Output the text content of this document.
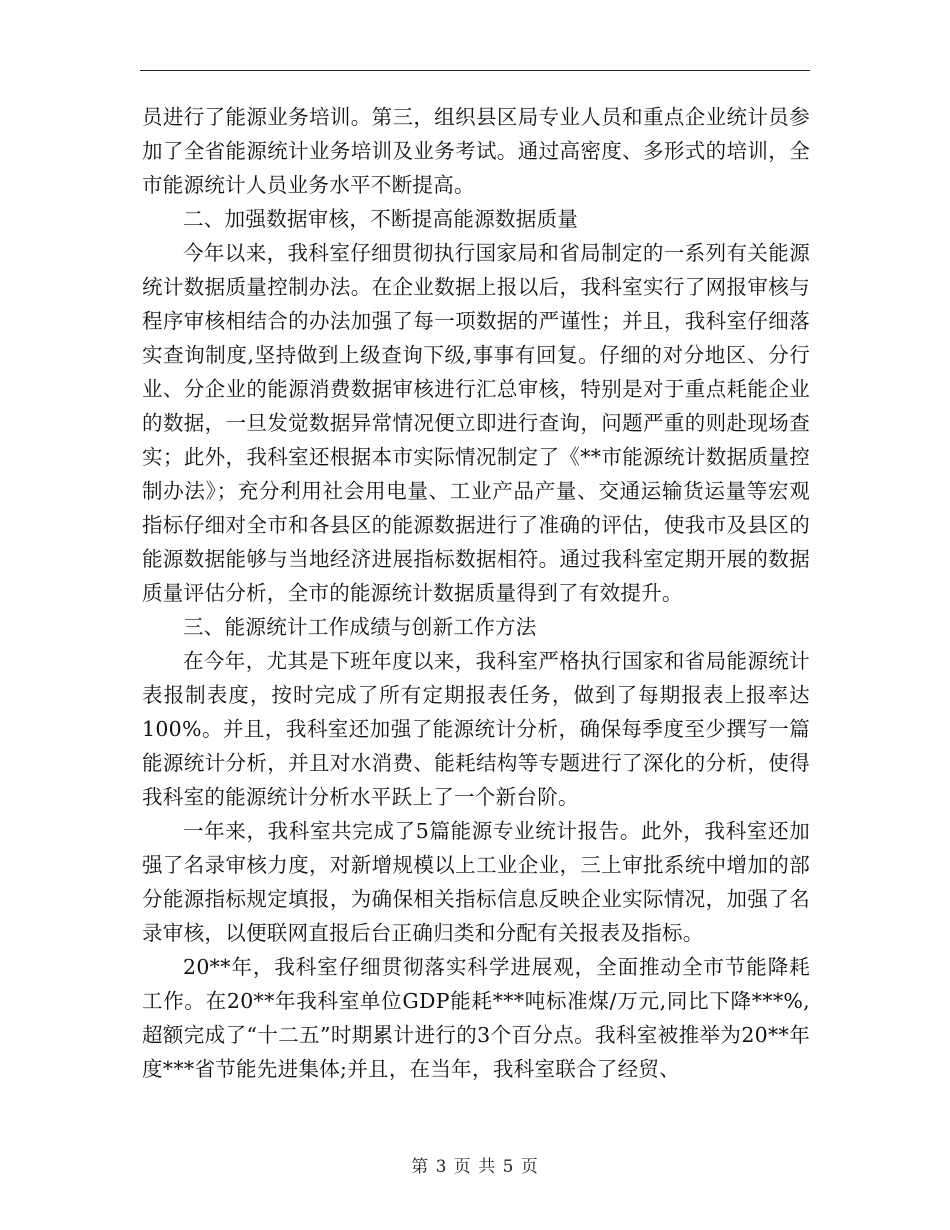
员进行了能源业务培训。第三，组织县区局专业人员和重点企业统计员参加了全省能源统计业务培训及业务考试。通过高密度、多形式的培训，全市能源统计人员业务水平不断提高。

二、加强数据审核，不断提高能源数据质量

今年以来，我科室仔细贯彻执行国家局和省局制定的一系列有关能源统计数据质量控制办法。在企业数据上报以后，我科室实行了网报审核与程序审核相结合的办法加强了每一项数据的严谨性；并且，我科室仔细落实查询制度,坚持做到上级查询下级,事事有回复。仔细的对分地区、分行业、分企业的能源消费数据审核进行汇总审核，特别是对于重点耗能企业的数据，一旦发觉数据异常情况便立即进行查询，问题严重的则赴现场查实；此外，我科室还根据本市实际情况制定了《**市能源统计数据质量控制办法》；充分利用社会用电量、工业产品产量、交通运输货运量等宏观指标仔细对全市和各县区的能源数据进行了准确的评估，使我市及县区的能源数据能够与当地经济进展指标数据相符。通过我科室定期开展的数据质量评估分析，全市的能源统计数据质量得到了有效提升。

三、能源统计工作成绩与创新工作方法

在今年，尤其是下班年度以来，我科室严格执行国家和省局能源统计表报制表度，按时完成了所有定期报表任务，做到了每期报表上报率达100%。并且，我科室还加强了能源统计分析，确保每季度至少撰写一篇能源统计分析，并且对水消费、能耗结构等专题进行了深化的分析，使得我科室的能源统计分析水平跃上了一个新台阶。

一年来，我科室共完成了5篇能源专业统计报告。此外，我科室还加强了名录审核力度，对新增规模以上工业企业，三上审批系统中增加的部分能源指标规定填报，为确保相关指标信息反映企业实际情况，加强了名录审核，以便联网直报后台正确归类和分配有关报表及指标。

20**年，我科室仔细贯彻落实科学进展观，全面推动全市节能降耗工作。在20**年我科室单位GDP能耗***吨标准煤/万元,同比下降***%,超额完成了“十二五”时期累计进行的3个百分点。我科室被推举为20**年度***省节能先进集体;并且，在当年，我科室联合了经贸、

第 3 页 共 5 页
